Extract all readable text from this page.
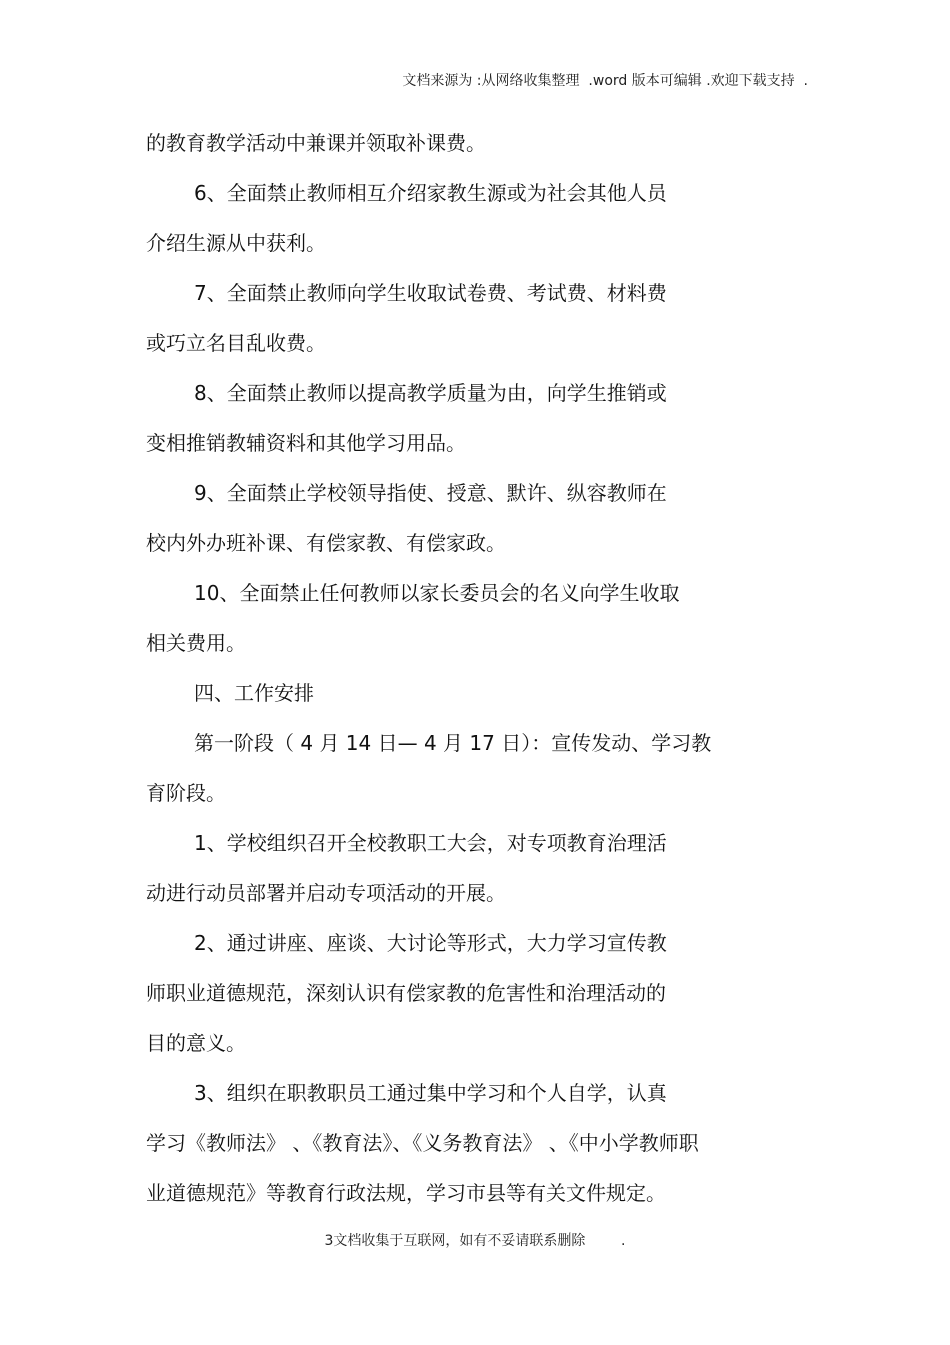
文档来源为 :从网络收集整理  .word 版本可编辑 .欢迎下载支持  .
的教育教学活动中兼课并领取补课费。
6、全面禁止教师相互介绍家教生源或为社会其他人员
介绍生源从中获利。
7、全面禁止教师向学生收取试卷费、考试费、材料费
或巧立名目乱收费。
8、全面禁止教师以提高教学质量为由，向学生推销或
变相推销教辅资料和其他学习用品。
9、全面禁止学校领导指使、授意、默许、纵容教师在
校内外办班补课、有偿家教、有偿家政。
10、全面禁止任何教师以家长委员会的名义向学生收取
相关费用。
四、工作安排
第一阶段（ 4 月 14 日— 4 月 17 日）：宣传发动、学习教
育阶段。
1、学校组织召开全校教职工大会，对专项教育治理活
动进行动员部署并启动专项活动的开展。
2、通过讲座、座谈、大讨论等形式，大力学习宣传教
师职业道德规范，深刻认识有偿家教的危害性和治理活动的
目的意义。
3、组织在职教职员工通过集中学习和个人自学，认真
学习《教师法》 、《教育法》、《义务教育法》 、《中小学教师职
业道德规范》等教育行政法规，学习市县等有关文件规定。
3文档收集于互联网，如有不妥请联系删除        .
